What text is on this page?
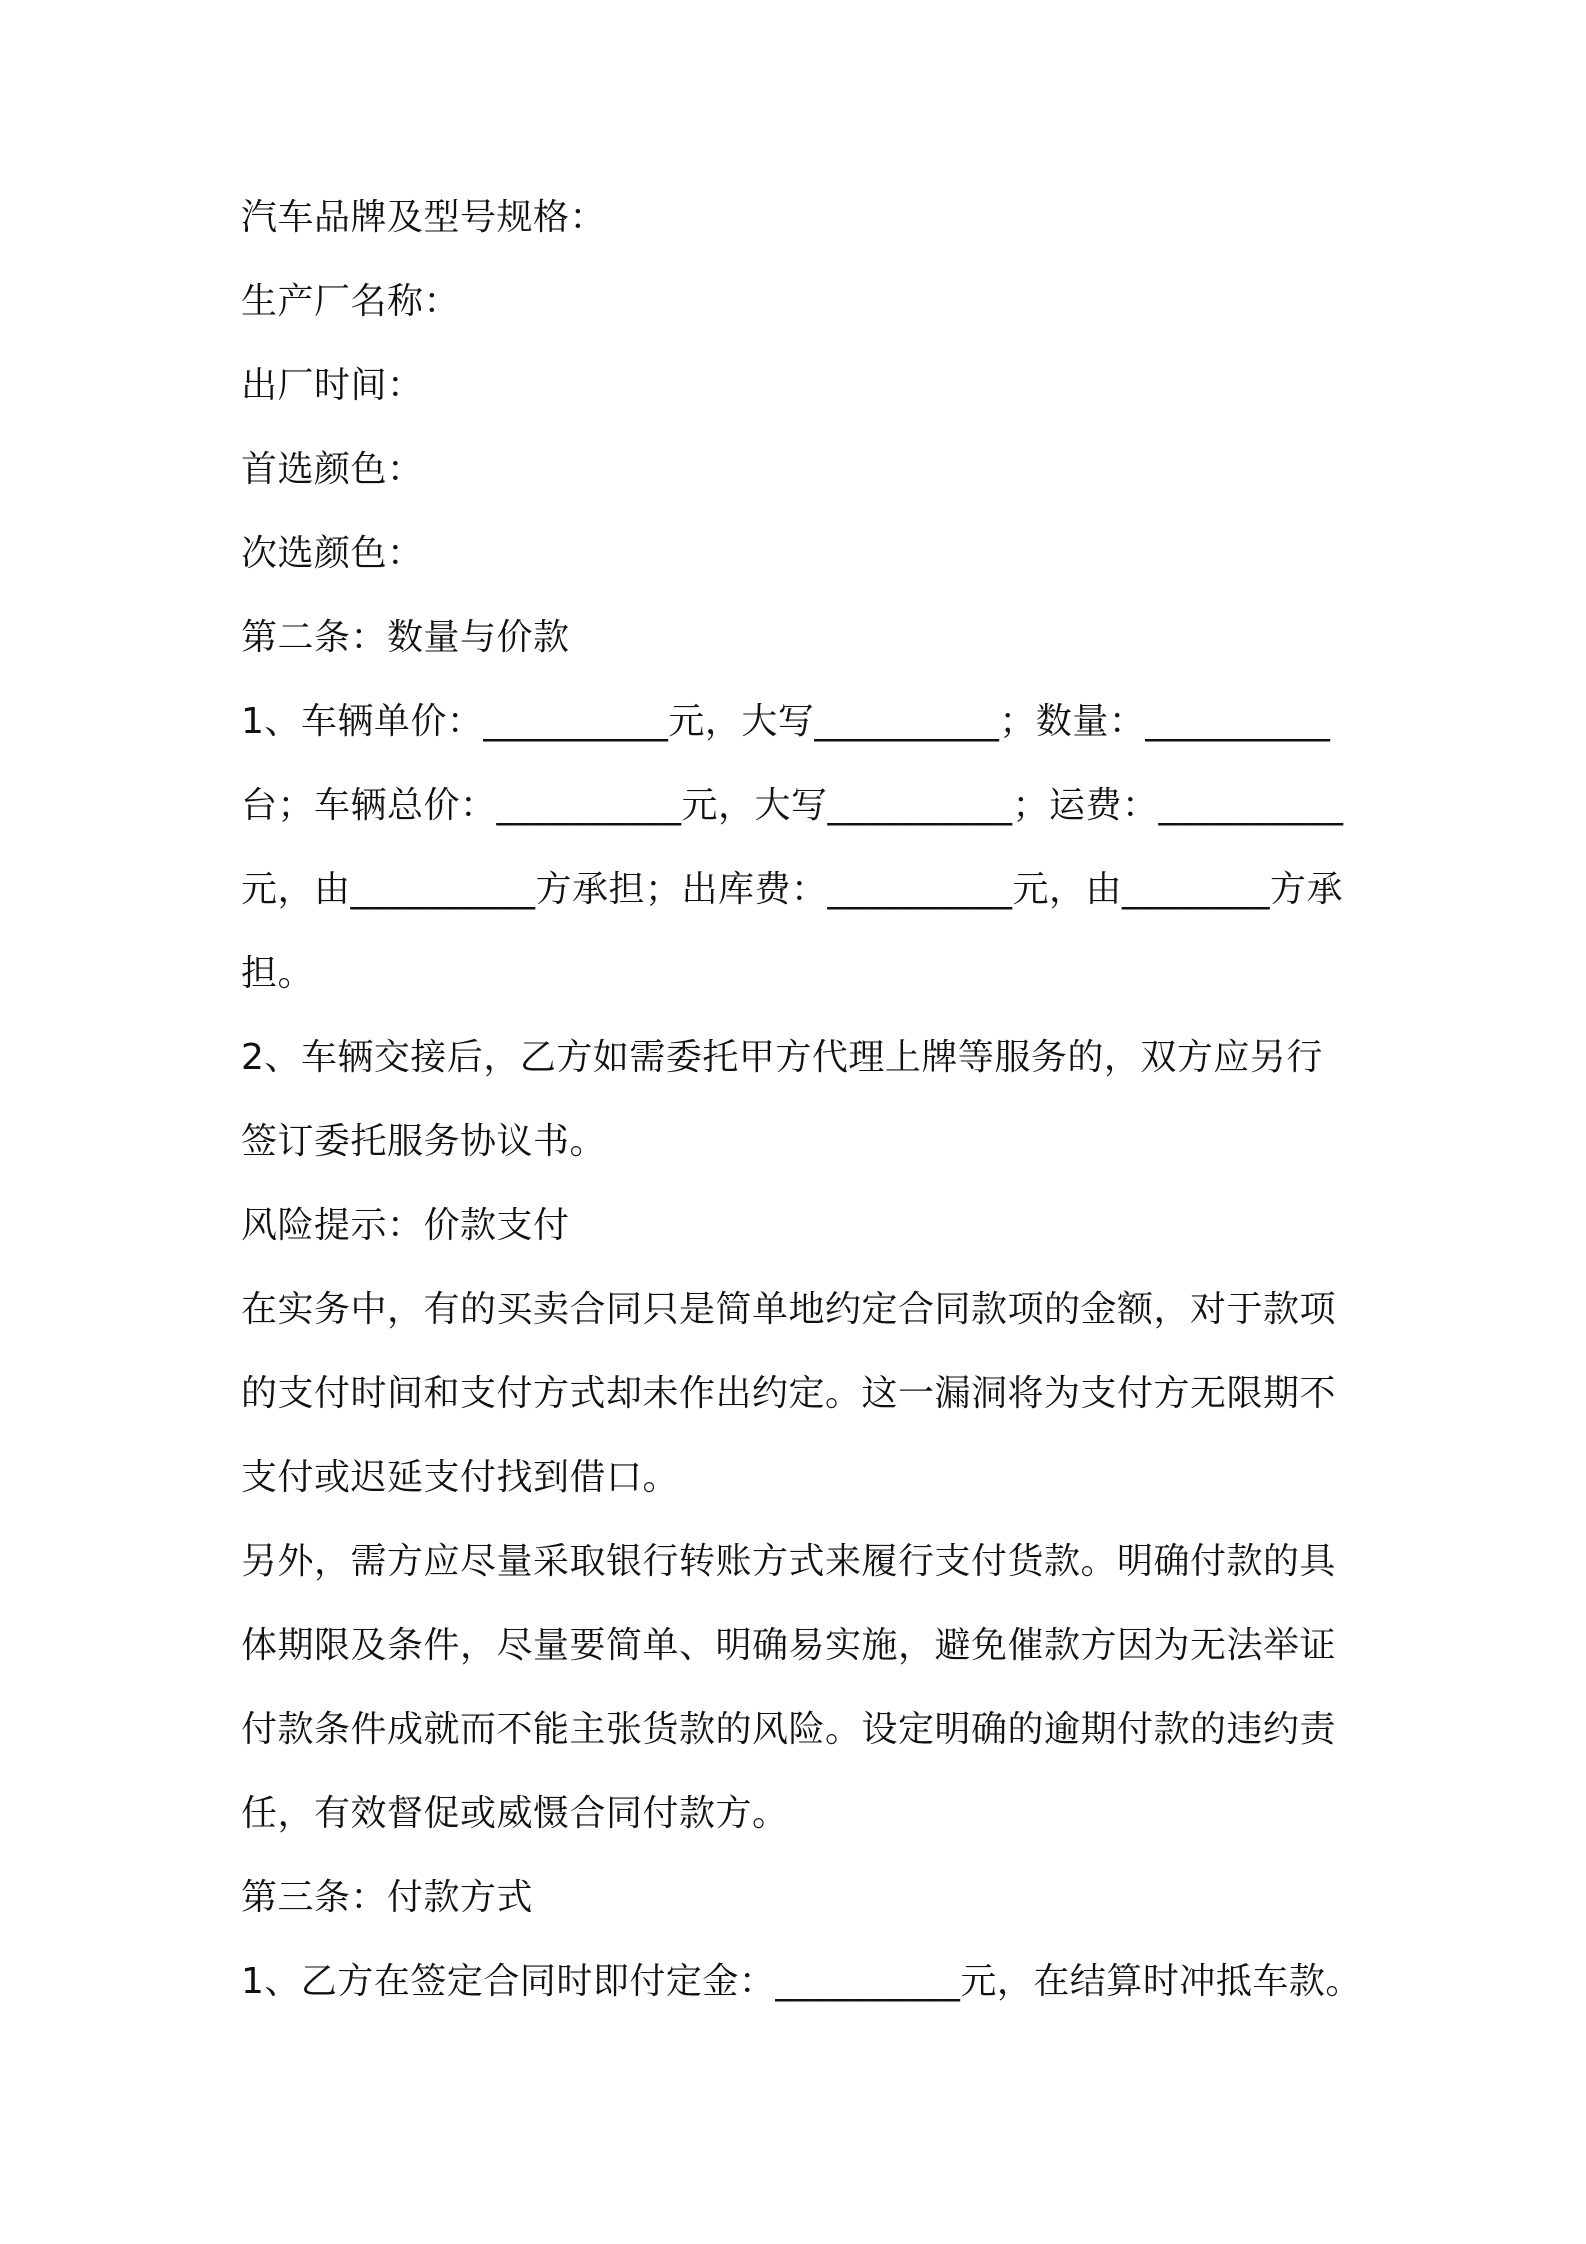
汽车品牌及型号规格：
生产厂名称：
出厂时间：
首选颜色：
次选颜色：
第二条：数量与价款
1、车辆单价：__________元，大写__________；数量：__________
台；车辆总价：__________元，大写__________；运费：__________
元，由__________方承担；出库费：__________元，由________方承
担。
2、车辆交接后，乙方如需委托甲方代理上牌等服务的，双方应另行
签订委托服务协议书。
风险提示：价款支付
在实务中，有的买卖合同只是简单地约定合同款项的金额，对于款项
的支付时间和支付方式却未作出约定。这一漏洞将为支付方无限期不
支付或迟延支付找到借口。
另外，需方应尽量采取银行转账方式来履行支付货款。明确付款的具
体期限及条件，尽量要简单、明确易实施，避免催款方因为无法举证
付款条件成就而不能主张货款的风险。设定明确的逾期付款的违约责
任，有效督促或威慑合同付款方。
第三条：付款方式
1、乙方在签定合同时即付定金：__________元，在结算时冲抵车款。
